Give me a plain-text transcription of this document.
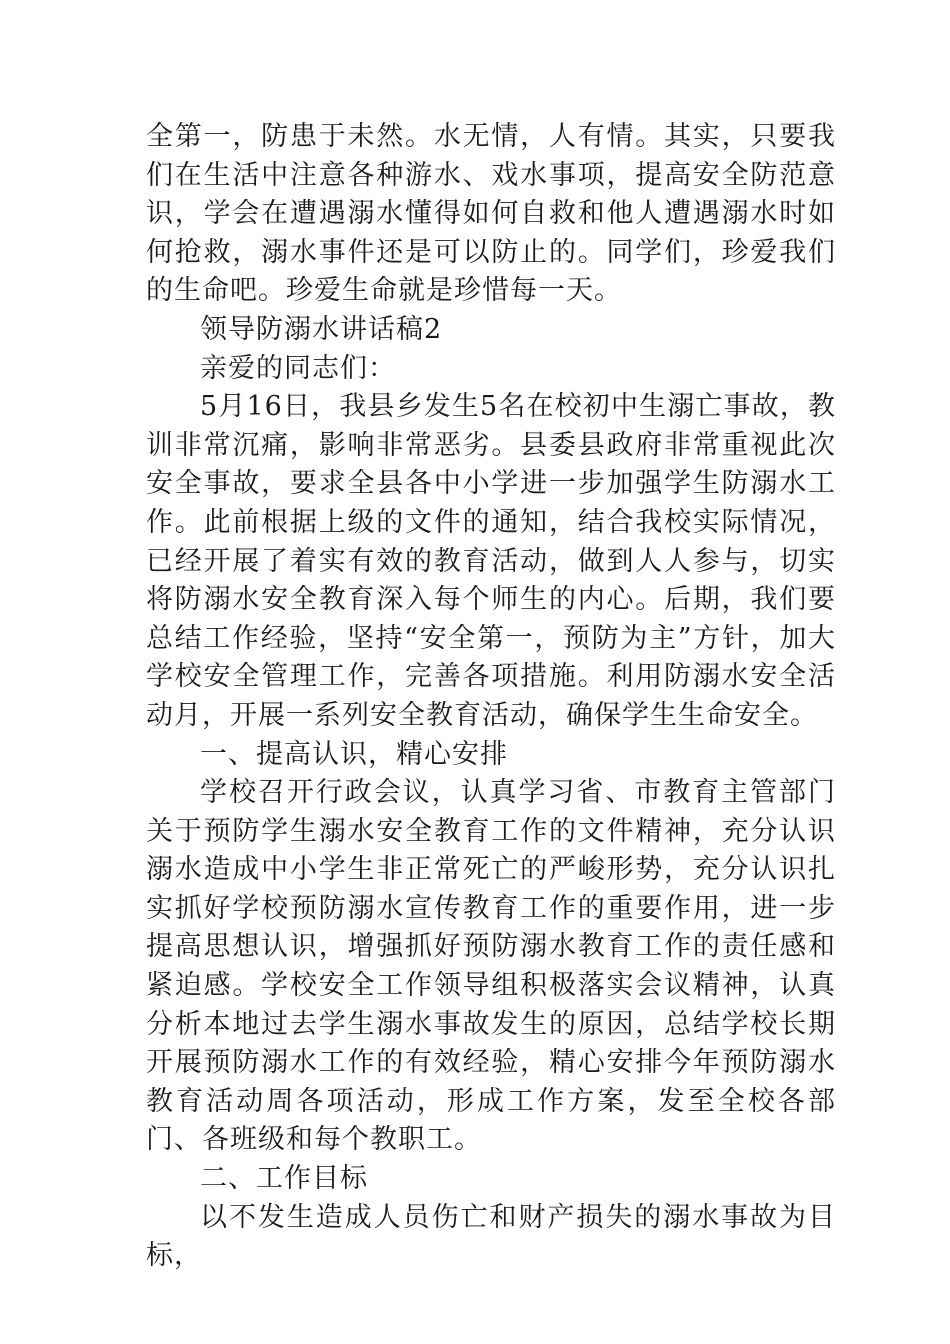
全第一，防患于未然。水无情，人有情。其实，只要我们在生活中注意各种游水、戏水事项，提高安全防范意识，学会在遭遇溺水懂得如何自救和他人遭遇溺水时如何抢救，溺水事件还是可以防止的。同学们，珍爱我们的生命吧。珍爱生命就是珍惜每一天。

领导防溺水讲话稿2

亲爱的同志们：

5月16日，我县乡发生5名在校初中生溺亡事故，教训非常沉痛，影响非常恶劣。县委县政府非常重视此次安全事故，要求全县各中小学进一步加强学生防溺水工作。此前根据上级的文件的通知，结合我校实际情况，已经开展了着实有效的教育活动，做到人人参与，切实将防溺水安全教育深入每个师生的内心。后期，我们要总结工作经验，坚持“安全第一，预防为主”方针，加大学校安全管理工作，完善各项措施。利用防溺水安全活动月，开展一系列安全教育活动，确保学生生命安全。

一、提高认识，精心安排

学校召开行政会议，认真学习省、市教育主管部门关于预防学生溺水安全教育工作的文件精神，充分认识溺水造成中小学生非正常死亡的严峻形势，充分认识扎实抓好学校预防溺水宣传教育工作的重要作用，进一步提高思想认识，增强抓好预防溺水教育工作的责任感和紧迫感。学校安全工作领导组积极落实会议精神，认真分析本地过去学生溺水事故发生的原因，总结学校长期开展预防溺水工作的有效经验，精心安排今年预防溺水教育活动周各项活动，形成工作方案，发至全校各部门、各班级和每个教职工。

二、工作目标

以不发生造成人员伤亡和财产损失的溺水事故为目标，
